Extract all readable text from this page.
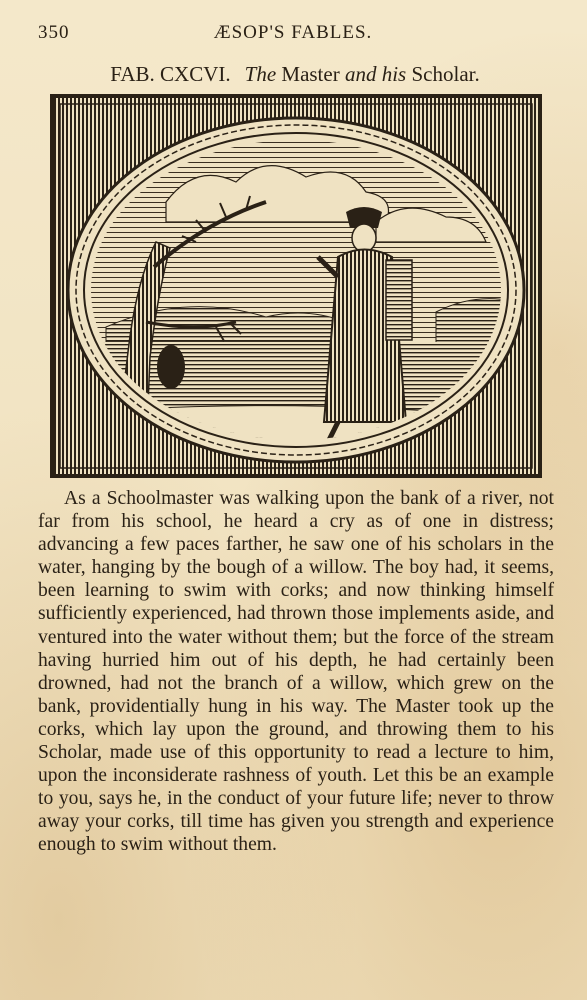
350	ÆSOP'S FABLES.
FAB. CXCVI. The Master and his Scholar.

As a Schoolmaster was walking upon the bank of a river, not far from his school, he heard a cry as of one in distress; advancing a few paces farther, he saw one of his scholars in the water, hanging by the bough of a willow. The boy had, it seems, been learning to swim with corks; and now thinking himself sufficiently experienced, had thrown those implements aside, and ventured into the water without them; but the force of the stream having hurried him out of his depth, he had certainly been drowned, had not the branch of a willow, which grew on the bank, providentially hung in his way. The Master took up the corks, which lay upon the ground, and throwing them to his Scholar, made use of this opportunity to read a lecture to him, upon the inconsiderate rashness of youth. Let this be an example to you, says he, in the conduct of your future life; never to throw away your corks, till time has given you strength and experience enough to swim without them.
